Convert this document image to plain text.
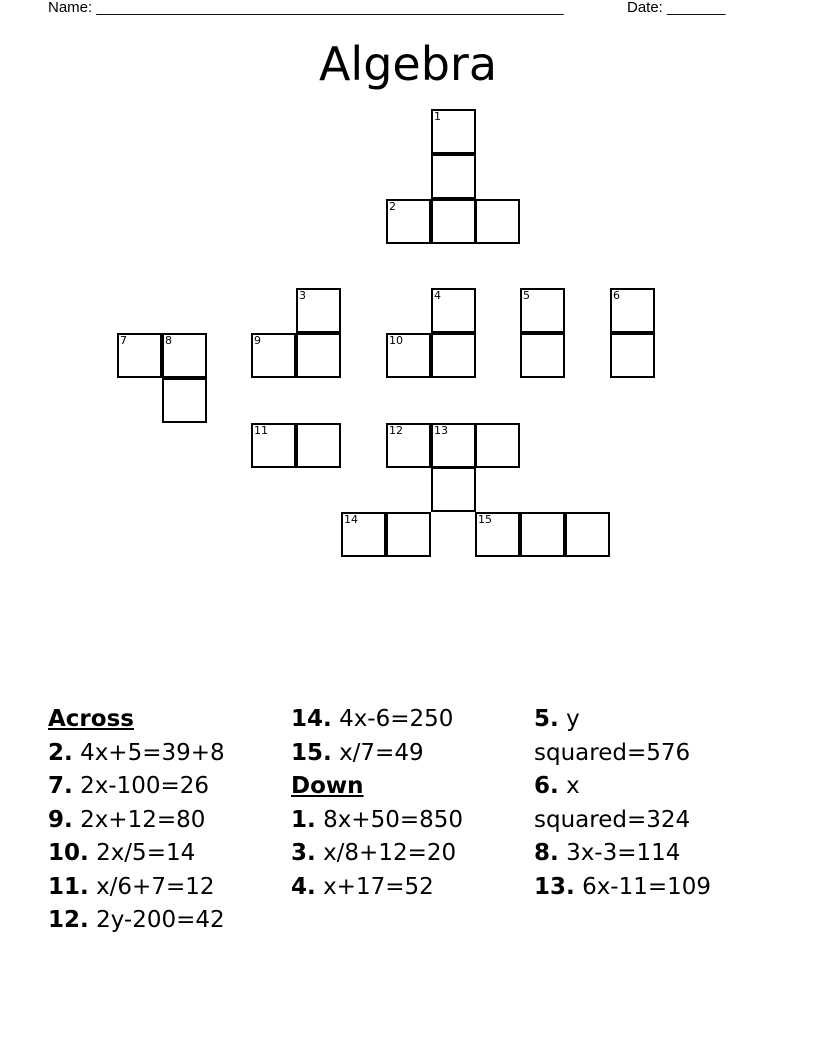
Name: ________________________________________________________	Date: _______
Algebra
1
2
3	4	5	6
7	8	9	10
11	12	13
14	15
Across
2. 4x+5=39+8
7. 2x-100=26
9. 2x+12=80
10. 2x/5=14
11. x/6+7=12
12. 2y-200=42
14. 4x-6=250
15. x/7=49
Down
1. 8x+50=850
3. x/8+12=20
4. x+17=52
5. y squared=576
6. x squared=324
8. 3x-3=114
13. 6x-11=109
